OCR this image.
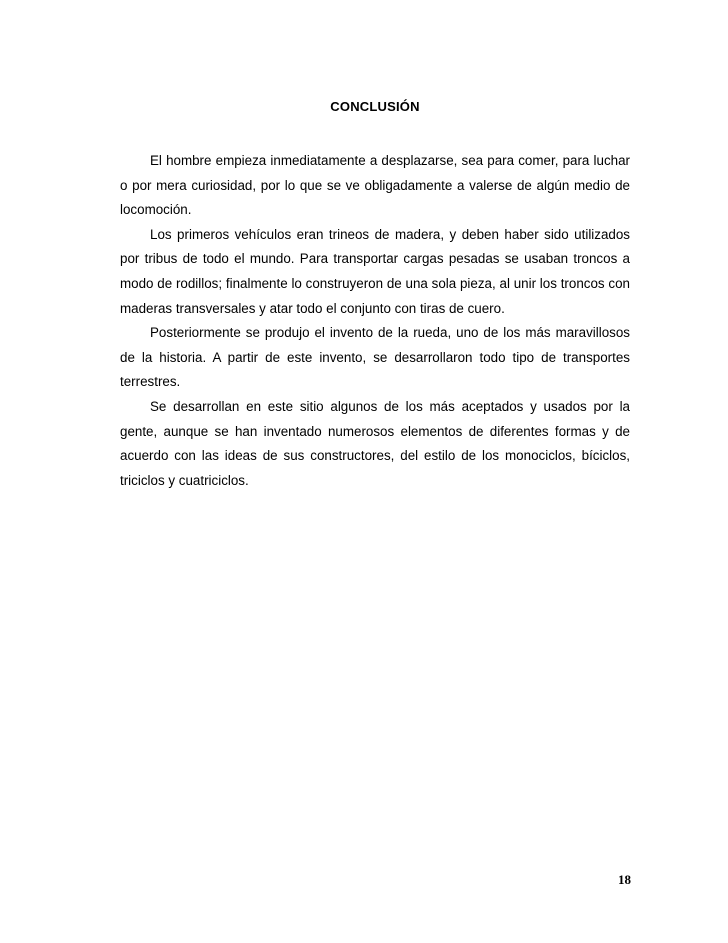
CONCLUSIÓN

El hombre empieza inmediatamente a desplazarse, sea para comer, para luchar o por mera curiosidad, por lo que se ve obligadamente a valerse de algún medio de locomoción.

Los primeros vehículos eran trineos de madera, y deben haber sido utilizados por tribus de todo el mundo. Para transportar cargas pesadas se usaban troncos a modo de rodillos; finalmente lo construyeron de una sola pieza, al unir los troncos con maderas transversales y atar todo el conjunto con tiras de cuero.

Posteriormente se produjo el invento de la rueda, uno de los más maravillosos de la historia. A partir de este invento, se desarrollaron todo tipo de transportes terrestres.

Se desarrollan en este sitio algunos de los más aceptados y usados por la gente, aunque se han inventado numerosos elementos de diferentes formas y de acuerdo con las ideas de sus constructores, del estilo de los monociclos, bíciclos, triciclos y cuatriciclos.

18
